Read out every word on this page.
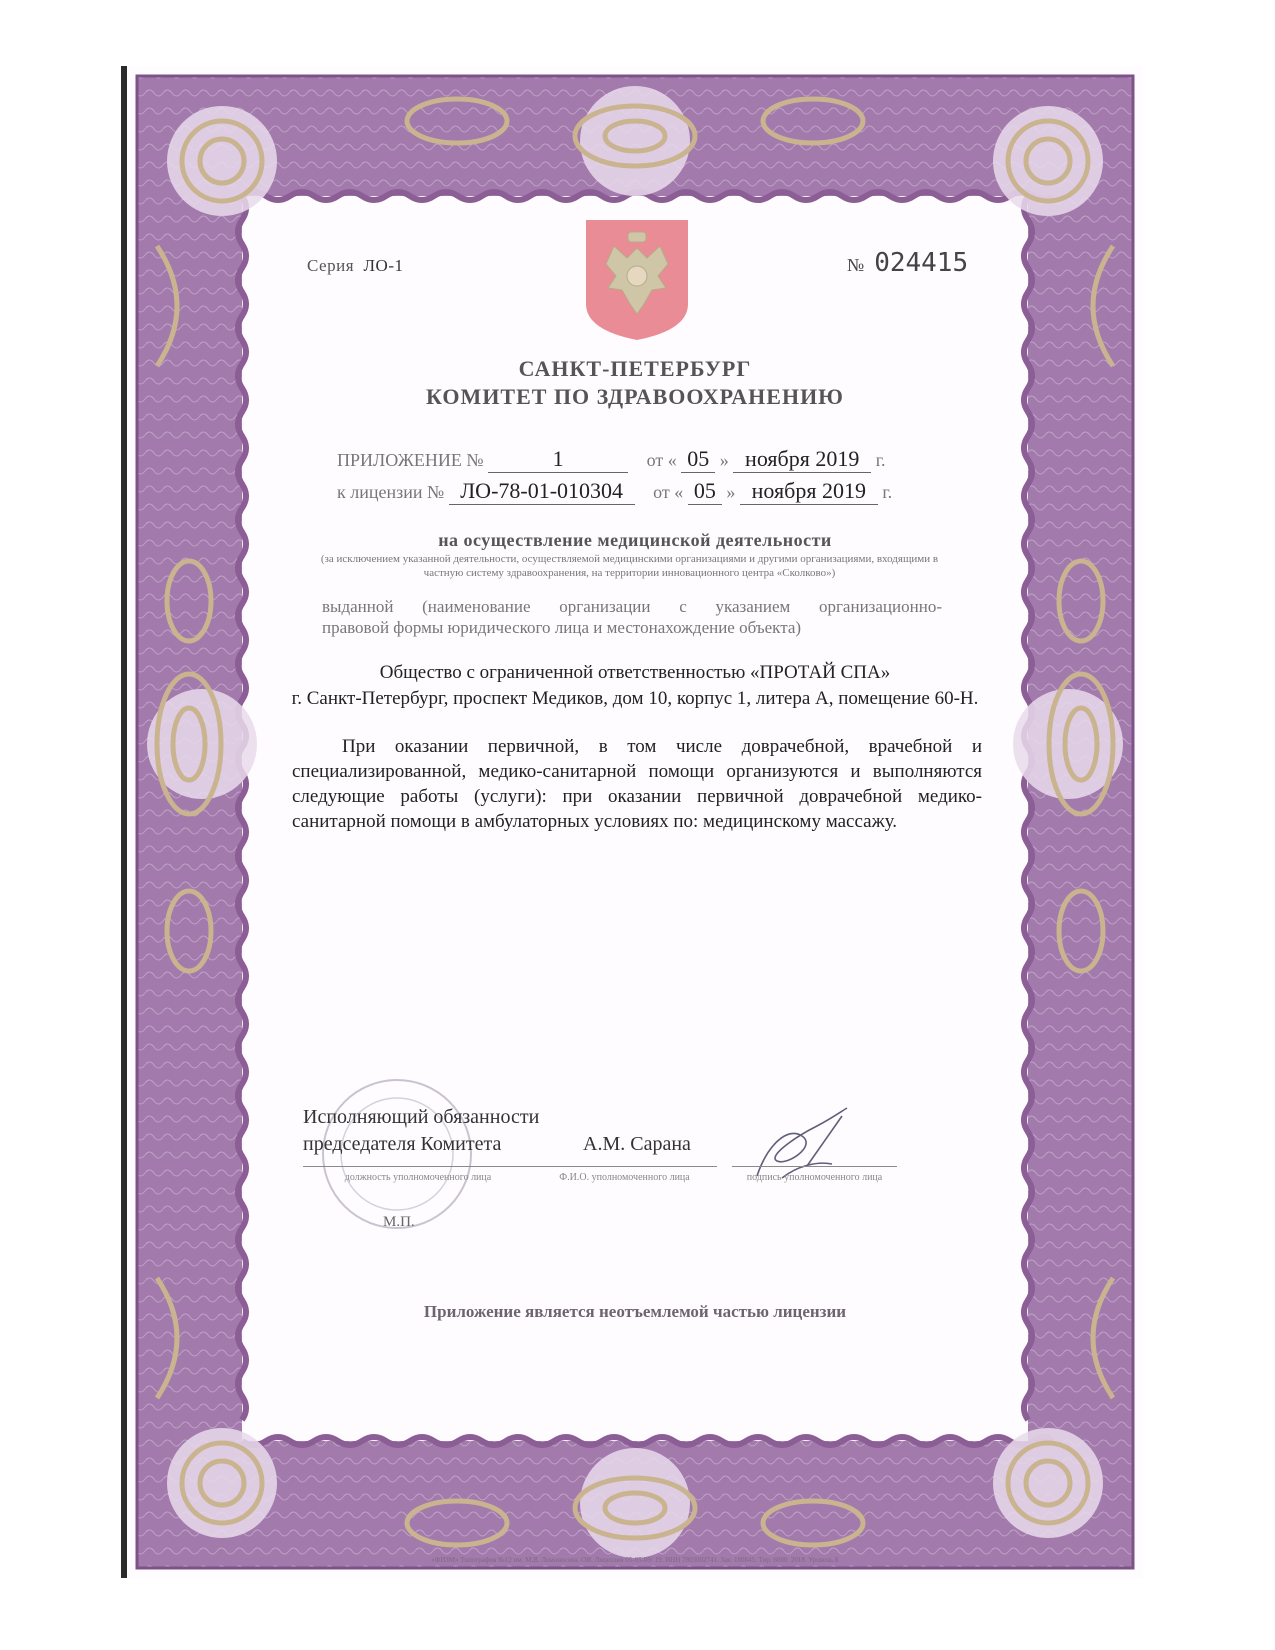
Серия ЛО-1	№ 024415
САНКТ-ПЕТЕРБУРГ
КОМИТЕТ ПО ЗДРАВООХРАНЕНИЮ
ПРИЛОЖЕНИЕ №	1	от « 05 » ноября 2019 г.
к лицензии № ЛО-78-01-010304 от « 05 » ноября 2019 г.
на осуществление медицинской деятельности
(за исключением указанной деятельности, осуществляемой медицинскими организациями и другими организациями, входящими в частную систему здравоохранения, на территории инновационного центра «Сколково»)
выданной (наименование организации с указанием организационно-
правовой формы юридического лица и местонахождение объекта)
Общество с ограниченной ответственностью «ПРОТАЙ СПА»
г. Санкт-Петербург, проспект Медиков, дом 10, корпус 1, литера А, помещение 60-Н.

При оказании первичной, в том числе доврачебной, врачебной и специализированной, медико-санитарной помощи организуются и выполняются следующие работы (услуги): при оказании первичной доврачебной медико-санитарной помощи в амбулаторных условиях по: медицинскому массажу.

Исполняющий обязанности
председателя Комитета	А.М. Сарана
должность уполномоченного лица	Ф.И.О. уполномоченного лица	подпись уполномоченного лица
М.П.
Приложение является неотъемлемой частью лицензии
«ФИЗМ» Типография №12 им. М.В. Ломоносова. ОИ. Лицензия 05-05-09/ 19. ИНН 7803002741. Зак. 180845. Тир. 6000. 2018. Уровень Б
